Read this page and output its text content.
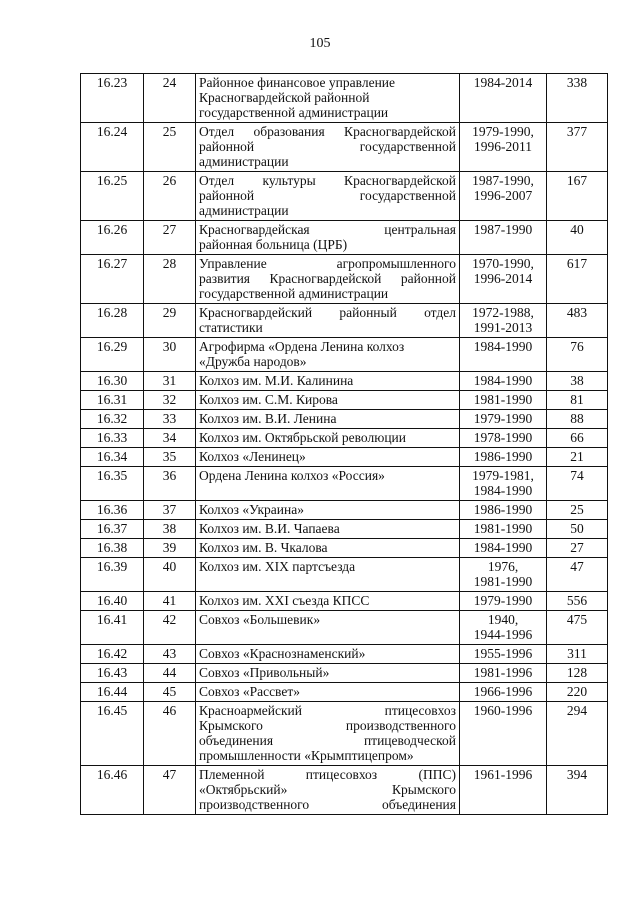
105
16.23	24	Районное финансовое управление
Красногвардейской районной
государственной администрации	1984-2014	338
16.24	25	Отдел образования Красногвардейской
районной государственной
администрации	1979-1990,
1996-2011	377
16.25	26	Отдел культуры Красногвардейской
районной государственной
администрации	1987-1990,
1996-2007	167
16.26	27	Красногвардейская центральная
районная больница (ЦРБ)	1987-1990	40
16.27	28	Управление агропромышленного
развития Красногвардейской районной
государственной администрации	1970-1990,
1996-2014	617
16.28	29	Красногвардейский районный отдел
статистики	1972-1988,
1991-2013	483
16.29	30	Агрофирма «Ордена Ленина колхоз
«Дружба народов»	1984-1990	76
16.30	31	Колхоз им. М.И. Калинина	1984-1990	38
16.31	32	Колхоз им. С.М. Кирова	1981-1990	81
16.32	33	Колхоз им. В.И. Ленина	1979-1990	88
16.33	34	Колхоз им. Октябрьской революции	1978-1990	66
16.34	35	Колхоз «Ленинец»	1986-1990	21
16.35	36	Ордена Ленина колхоз «Россия»	1979-1981,
1984-1990	74
16.36	37	Колхоз «Украина»	1986-1990	25
16.37	38	Колхоз им. В.И. Чапаева	1981-1990	50
16.38	39	Колхоз им. В. Чкалова	1984-1990	27
16.39	40	Колхоз им. XIX партсъезда	1976,
1981-1990	47
16.40	41	Колхоз им. XXI съезда КПСС	1979-1990	556
16.41	42	Совхоз «Большевик»	1940,
1944-1996	475
16.42	43	Совхоз «Краснознаменский»	1955-1996	311
16.43	44	Совхоз «Привольный»	1981-1996	128
16.44	45	Совхоз «Рассвет»	1966-1996	220
16.45	46	Красноармейский птицесовхоз
Крымского производственного
объединения птицеводческой
промышленности «Крымптицепром»	1960-1996	294
16.46	47	Племенной птицесовхоз (ППС)
«Октябрьский» Крымского
производственного объединения	1961-1996	394
